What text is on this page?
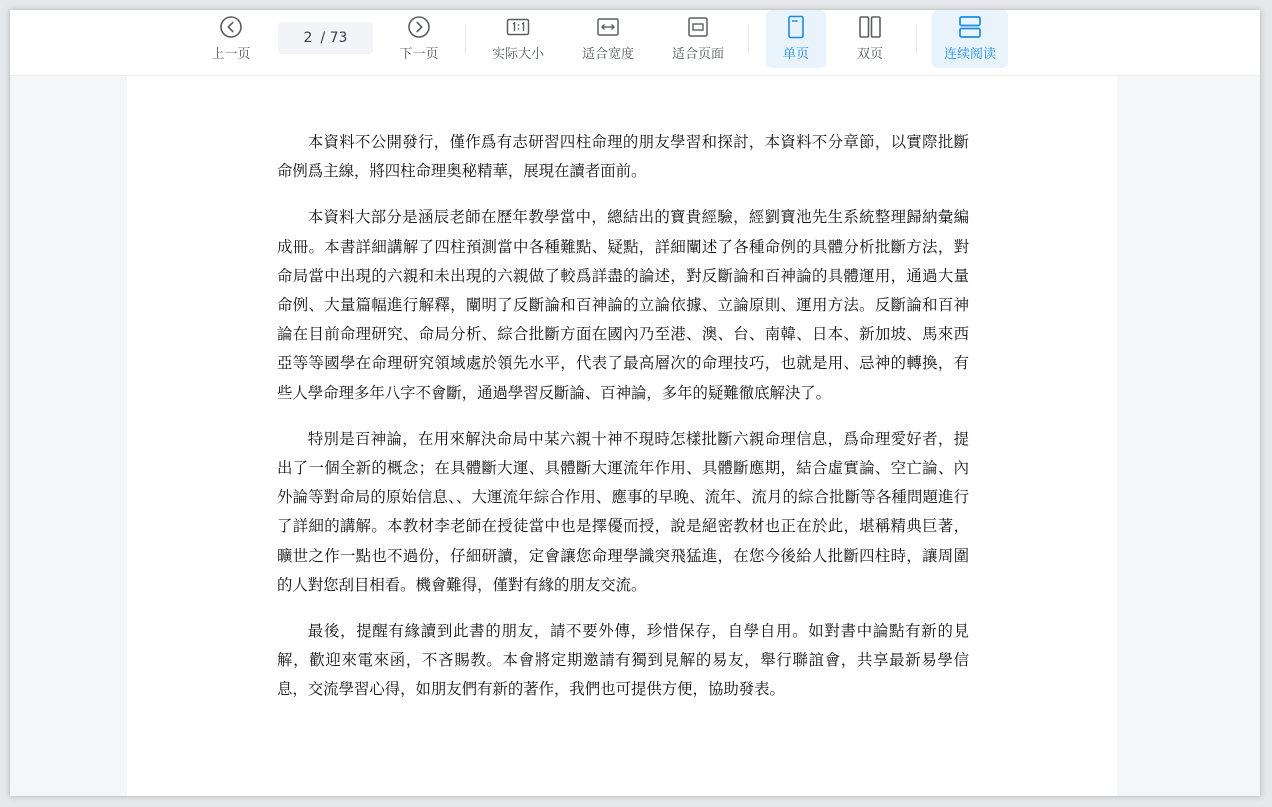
上一页
2 / 73
下一页	实际大小	适合宽度	适合页面	单页	双页	连续阅读

本資料不公開發行，僅作爲有志研習四柱命理的朋友學習和探討，本資料不分章節，以實際批斷命例爲主線，將四柱命理奥秘精華，展現在讀者面前。

本資料大部分是涵辰老師在歷年教學當中，總結出的寶貴經驗，經劉寶池先生系統整理歸納彙編成冊。本書詳細講解了四柱預測當中各種難點、疑點，詳細闡述了各種命例的具體分析批斷方法，對命局當中出現的六親和未出現的六親做了較爲詳盡的論述，對反斷論和百神論的具體運用，通過大量命例、大量篇幅進行解釋，闡明了反斷論和百神論的立論依據、立論原則、運用方法。反斷論和百神論在目前命理研究、命局分析、綜合批斷方面在國內乃至港、澳、台、南韓、日本、新加坡、馬來西亞等等國學在命理研究領域處於領先水平，代表了最高層次的命理技巧，也就是用、忌神的轉換，有些人學命理多年八字不會斷，通過學習反斷論、百神論，多年的疑難徹底解決了。

特別是百神論，在用來解決命局中某六親十神不現時怎樣批斷六親命理信息，爲命理愛好者，提出了一個全新的概念；在具體斷大運、具體斷大運流年作用、具體斷應期，結合虛實論、空亡論、內外論等對命局的原始信息、、大運流年綜合作用、應事的早晚、流年、流月的綜合批斷等各種問題進行了詳細的講解。本教材李老師在授徒當中也是擇優而授，說是絕密教材也正在於此，堪稱精典巨著，曠世之作一點也不過份，仔細研讀，定會讓您命理學識突飛猛進，在您今後給人批斷四柱時，讓周圍的人對您刮目相看。機會難得，僅對有緣的朋友交流。

最後，提醒有緣讀到此書的朋友，請不要外傳，珍惜保存，自學自用。如對書中論點有新的見解，歡迎來電來函，不吝賜教。本會將定期邀請有獨到見解的易友，舉行聯誼會，共享最新易學信息，交流學習心得，如朋友們有新的著作，我們也可提供方便，協助發表。
